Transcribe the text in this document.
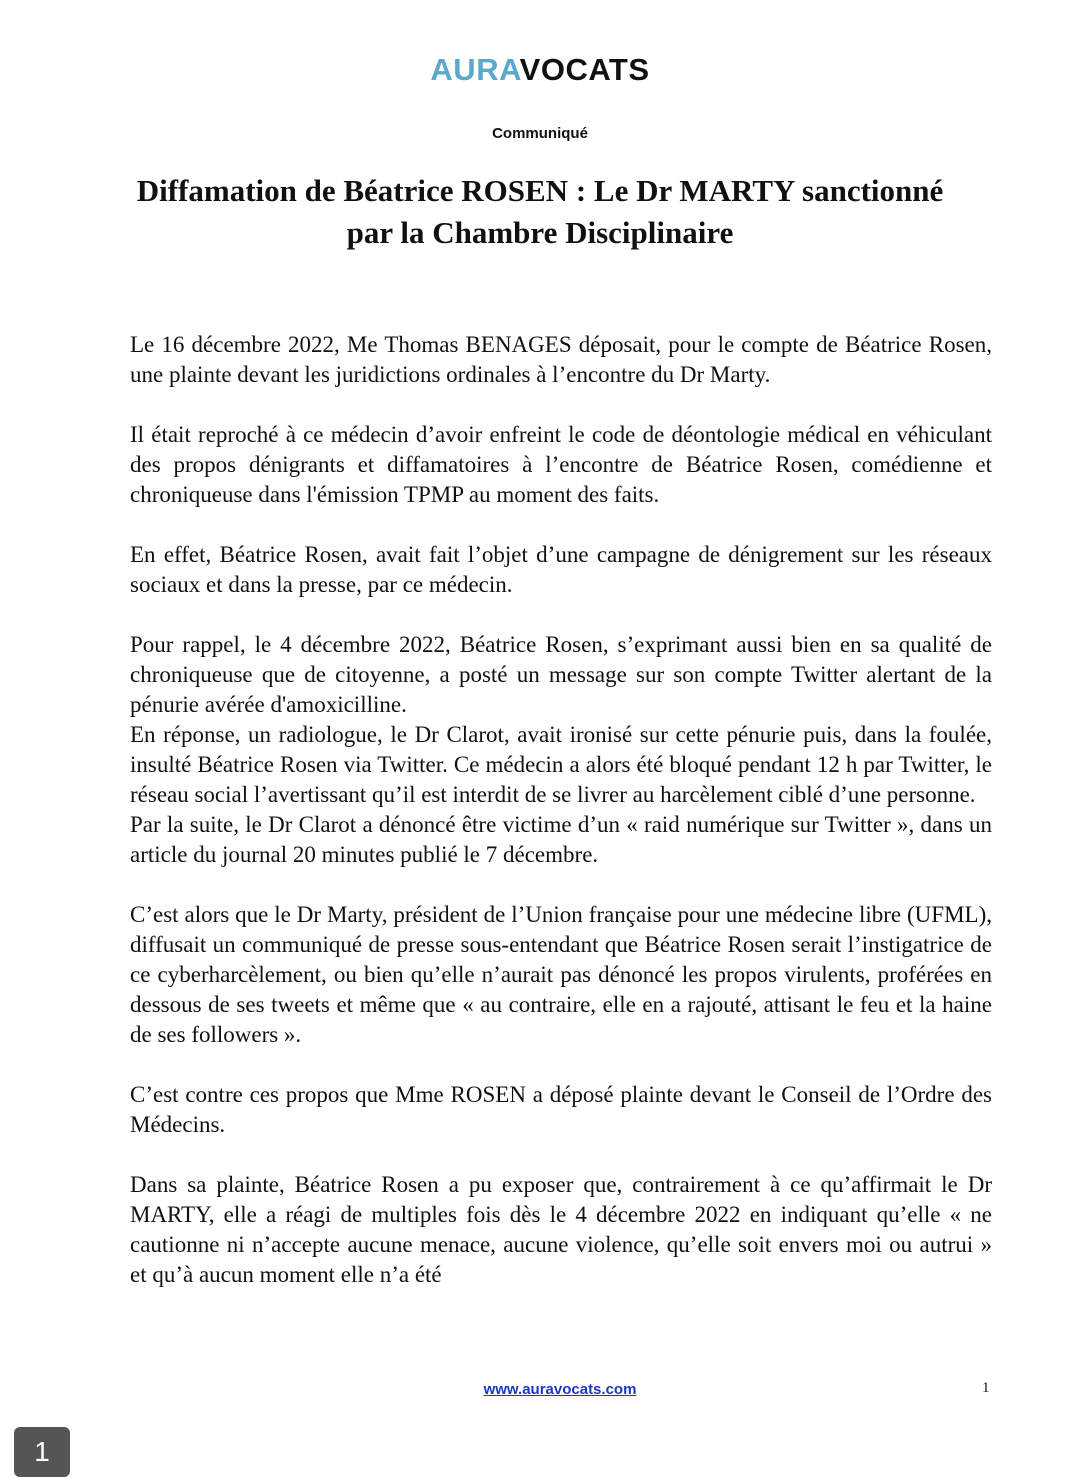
AURAVOCATS
Communiqué
Diffamation de Béatrice ROSEN : Le Dr MARTY sanctionné
par la Chambre Disciplinaire

Le 16 décembre 2022, Me Thomas BENAGES déposait, pour le compte de Béatrice Rosen, une plainte devant les juridictions ordinales à l’encontre du Dr Marty.

Il était reproché à ce médecin d’avoir enfreint le code de déontologie médical en véhiculant des propos dénigrants et diffamatoires à l’encontre de Béatrice Rosen, comédienne et chroniqueuse dans l'émission TPMP au moment des faits.

En effet, Béatrice Rosen, avait fait l’objet d’une campagne de dénigrement sur les réseaux sociaux et dans la presse, par ce médecin.

Pour rappel, le 4 décembre 2022, Béatrice Rosen, s’exprimant aussi bien en sa qualité de chroniqueuse que de citoyenne, a posté un message sur son compte Twitter alertant de la pénurie avérée d'amoxicilline.

En réponse, un radiologue, le Dr Clarot, avait ironisé sur cette pénurie puis, dans la foulée, insulté Béatrice Rosen via Twitter. Ce médecin a alors été bloqué pendant 12 h par Twitter, le réseau social l’avertissant qu’il est interdit de se livrer au harcèlement ciblé d’une personne.

Par la suite, le Dr Clarot a dénoncé être victime d’un « raid numérique sur Twitter », dans un article du journal 20 minutes publié le 7 décembre.

C’est alors que le Dr Marty, président de l’Union française pour une médecine libre (UFML), diffusait un communiqué de presse sous-entendant que Béatrice Rosen serait l’instigatrice de ce cyberharcèlement, ou bien qu’elle n’aurait pas dénoncé les propos virulents, proférées en dessous de ses tweets et même que « au contraire, elle en a rajouté, attisant le feu et la haine de ses followers ».

C’est contre ces propos que Mme ROSEN a déposé plainte devant le Conseil de l’Ordre des Médecins.

Dans sa plainte, Béatrice Rosen a pu exposer que, contrairement à ce qu’affirmait le Dr MARTY, elle a réagi de multiples fois dès le 4 décembre 2022 en indiquant qu’elle « ne cautionne ni n’accepte aucune menace, aucune violence, qu’elle soit envers moi ou autrui » et qu’à aucun moment elle n’a été

www.auravocats.com	1
1
